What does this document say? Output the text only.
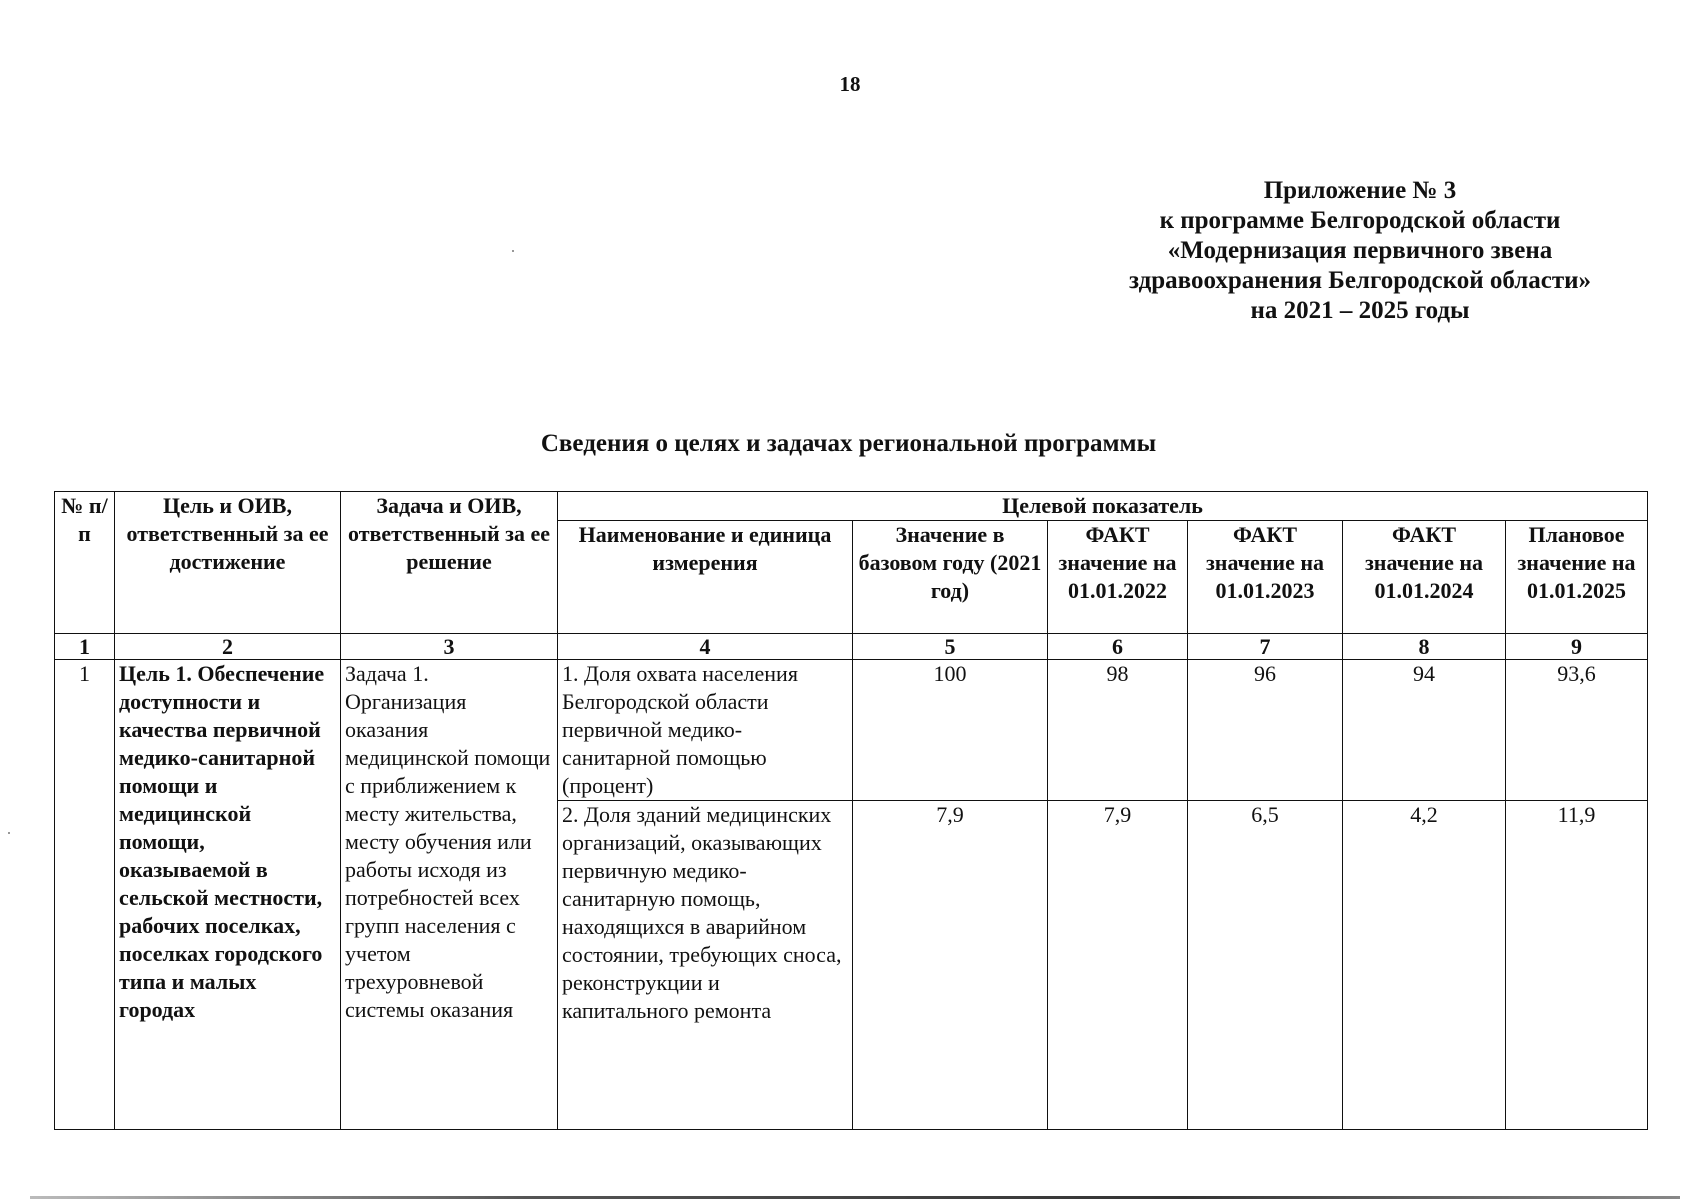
18
Приложение № 3
к программе Белгородской области
«Модернизация первичного звена
здравоохранения Белгородской области»
на 2021 – 2025 годы
Сведения о целях и задачах региональной программы
№ п/п	Цель и ОИВ, ответственный за ее достижение	Задача и ОИВ, ответственный за ее решение	Целевой показатель					
			Наименование и единица измерения	Значение в базовом году (2021 год)	ФАКТ значение на 01.01.2022	ФАКТ значение на 01.01.2023	ФАКТ значение на 01.01.2024	Плановое значение на 01.01.2025
1	2	3	4	5	6	7	8	9
1	Цель 1. Обеспечение доступности и качества первичной медико-санитарной помощи и медицинской помощи, оказываемой в сельской местности, рабочих поселках, поселках городского типа и малых городах	Задача 1. Организация оказания медицинской помощи с приближением к месту жительства, месту обучения или работы исходя из потребностей всех групп населения с учетом трехуровневой системы оказания	1. Доля охвата населения Белгородской области первичной медико-санитарной помощью (процент)	100	98	96	94	93,6
			2. Доля зданий медицинских организаций, оказывающих первичную медико-санитарную помощь, находящихся в аварийном состоянии, требующих сноса, реконструкции и капитального ремонта	7,9	7,9	6,5	4,2	11,9
